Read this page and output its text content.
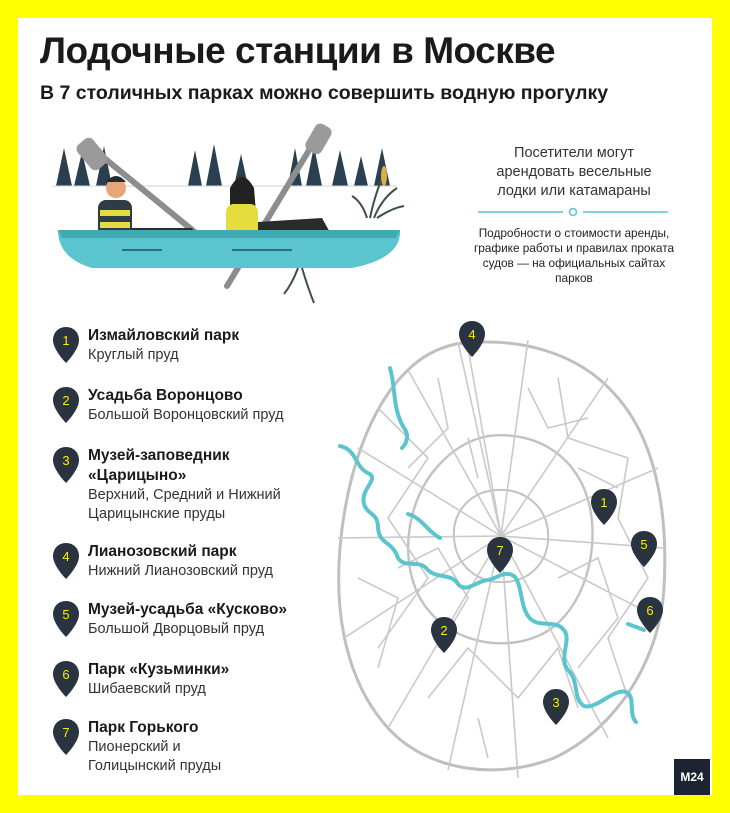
Лодочные станции в Москве
В 7 столичных парках можно совершить водную прогулку
Посетители могут арендовать весельные лодки или катамараны
Подробности о стоимости аренды, графике работы и правилах проката судов — на официальных сайтах парков
1 Измайловский парк
Круглый пруд
2 Усадьба Воронцово
Большой Воронцовский пруд
3 Музей-заповедник «Царицыно»
Верхний, Средний и Нижний Царицынские пруды
4 Лианозовский парк
Нижний Лианозовский пруд
5 Музей-усадьба «Кусково»
Большой Дворцовый пруд
6 Парк «Кузьминки»
Шибаевский пруд
7 Парк Горького
Пионерский и Голицынский пруды
1
2
3
4
5
6
7
M24
